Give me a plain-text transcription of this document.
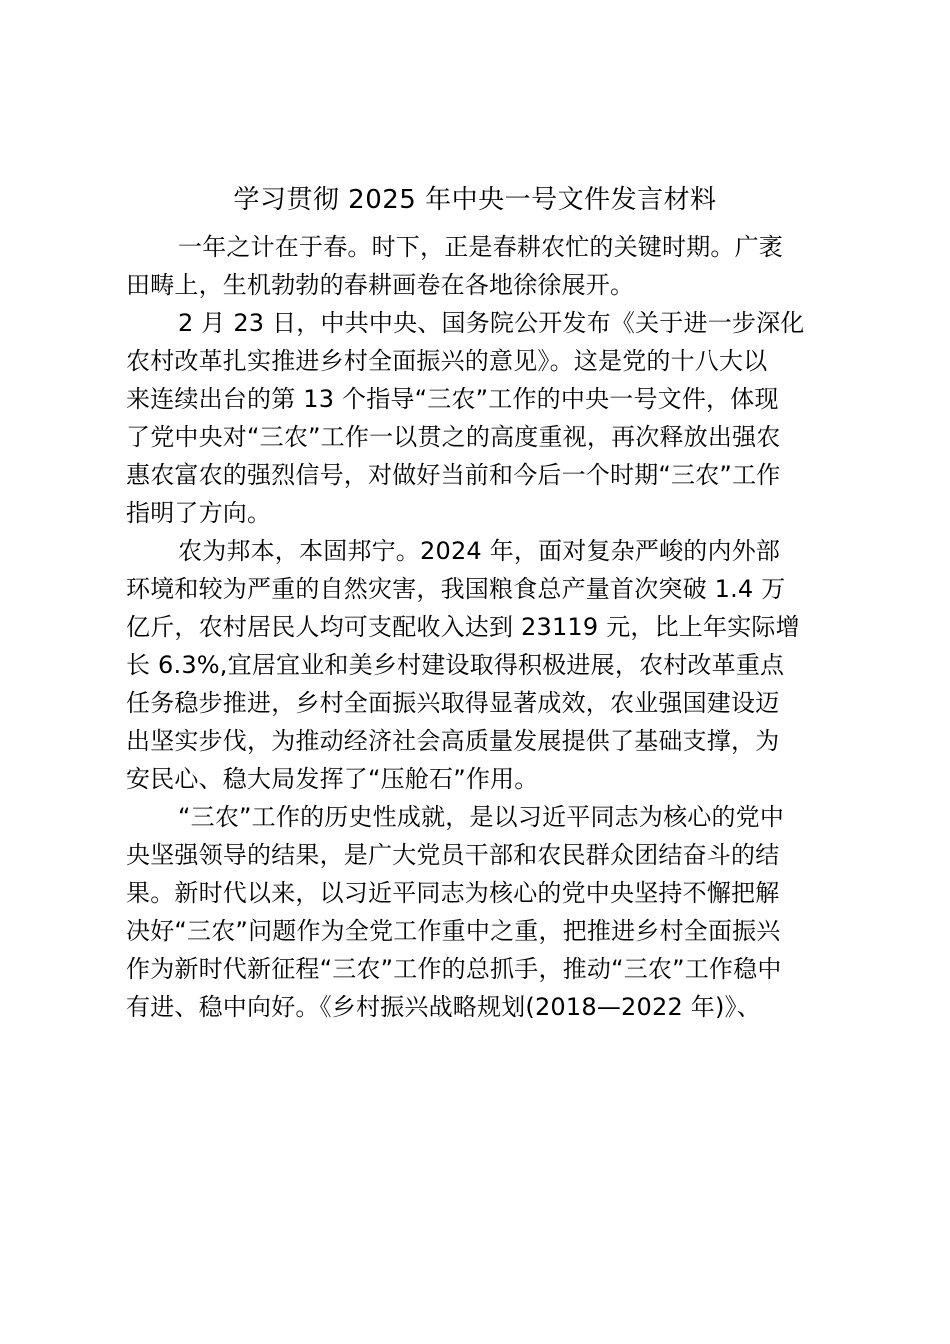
学习贯彻 2025 年中央一号文件发言材料

一年之计在于春。时下，正是春耕农忙的关键时期。广袤
田畴上，生机勃勃的春耕画卷在各地徐徐展开。

2 月 23 日，中共中央、国务院公开发布《关于进一步深化
农村改革扎实推进乡村全面振兴的意见》。这是党的十八大以
来连续出台的第 13 个指导“三农”工作的中央一号文件，体现
了党中央对“三农”工作一以贯之的高度重视，再次释放出强农
惠农富农的强烈信号，对做好当前和今后一个时期“三农”工作
指明了方向。

农为邦本，本固邦宁。2024 年，面对复杂严峻的内外部
环境和较为严重的自然灾害，我国粮食总产量首次突破 1.4 万
亿斤，农村居民人均可支配收入达到 23119 元，比上年实际增
长 6.3%,宜居宜业和美乡村建设取得积极进展，农村改革重点
任务稳步推进，乡村全面振兴取得显著成效，农业强国建设迈
出坚实步伐，为推动经济社会高质量发展提供了基础支撑，为
安民心、稳大局发挥了“压舱石”作用。

“三农”工作的历史性成就，是以习近平同志为核心的党中
央坚强领导的结果，是广大党员干部和农民群众团结奋斗的结
果。新时代以来，以习近平同志为核心的党中央坚持不懈把解
决好“三农”问题作为全党工作重中之重，把推进乡村全面振兴
作为新时代新征程“三农”工作的总抓手，推动“三农”工作稳中
有进、稳中向好。《乡村振兴战略规划(2018—2022 年)》、
